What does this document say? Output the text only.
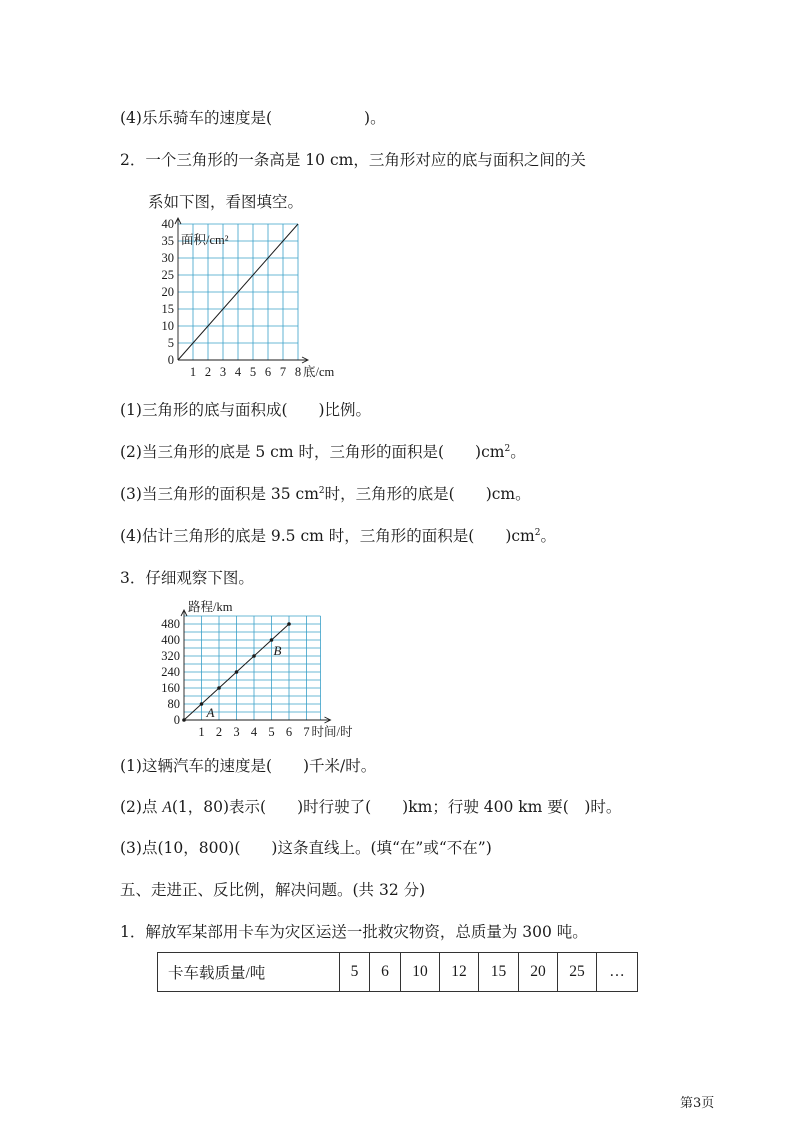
(4)乐乐骑车的速度是(	)。
2．一个三角形的一条高是 10 cm，三角形对应的底与面积之间的关
系如下图，看图填空。
0
5
10
15
20
25
30
35
40
1 2 3 4 5 6 7 8 底/cm
面积/cm²
(1)三角形的底与面积成(　　)比例。
(2)当三角形的底是 5 cm 时，三角形的面积是(　　)$cm^2$。
(3)当三角形的面积是 35 $cm^2$时，三角形的底是(　　)cm。
(4)估计三角形的底是 9.5 cm 时，三角形的面积是(　　)$cm^2$。
3．仔细观察下图。
0
80
160
240
320
400
480
1 2 3 4 5 6 7 时间/时
路程/km
A
B
(1)这辆汽车的速度是(　　)千米/时。
(2)点 A(1，80)表示(　　)时行驶了(　　)km；行驶 400 km 要(　)时。
(3)点(10，800)(　　)这条直线上。(填“在”或“不在”)
五、走进正、反比例，解决问题。(共 32 分)
1．解放军某部用卡车为灾区运送一批救灾物资，总质量为 300 吨。
卡车载质量/吨	5	6	10	12	15	20	25	…
第3页
